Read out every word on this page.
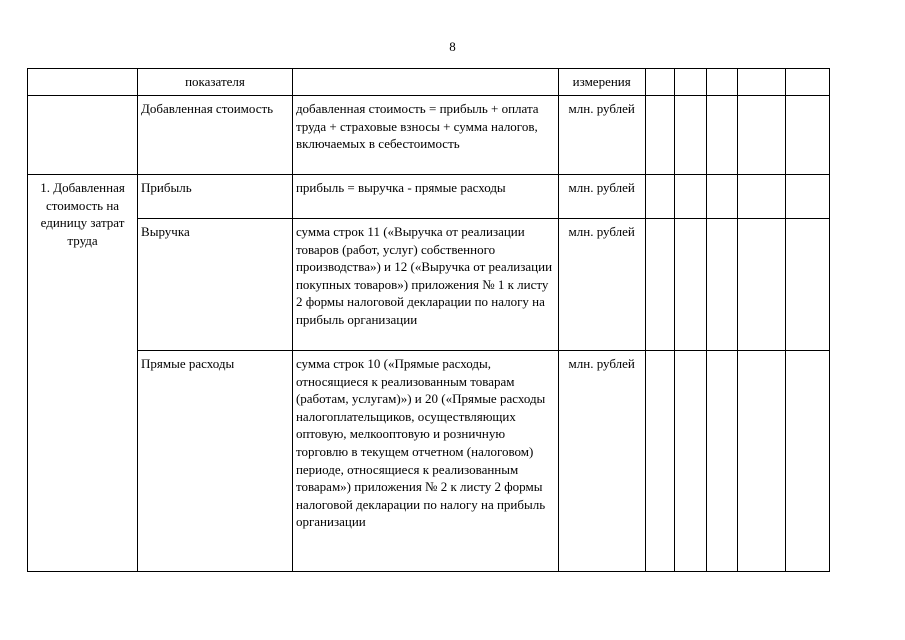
8
	показателя		измерения					
	Добавленная стоимость	добавленная стоимость = прибыль + оплата труда + страховые взносы + сумма налогов, включаемых в себестоимость	млн. рублей					
1. Добавленная стоимость на единицу затрат труда	Прибыль	прибыль = выручка - прямые расходы	млн. рублей					
	Выручка	сумма строк 11 («Выручка от реализации товаров (работ, услуг) собственного производства») и 12 («Выручка от реализации покупных товаров») приложения № 1 к листу 2 формы налоговой декларации по налогу на прибыль организации	млн. рублей					
	Прямые расходы	сумма строк 10 («Прямые расходы, относящиеся к реализованным товарам (работам, услугам)») и 20 («Прямые расходы налогоплательщиков, осуществляющих оптовую, мелкооптовую и розничную торговлю в текущем отчетном (налоговом) периоде, относящиеся к реализованным товарам») приложения № 2 к листу 2 формы налоговой декларации по налогу на прибыль организации	млн. рублей					
